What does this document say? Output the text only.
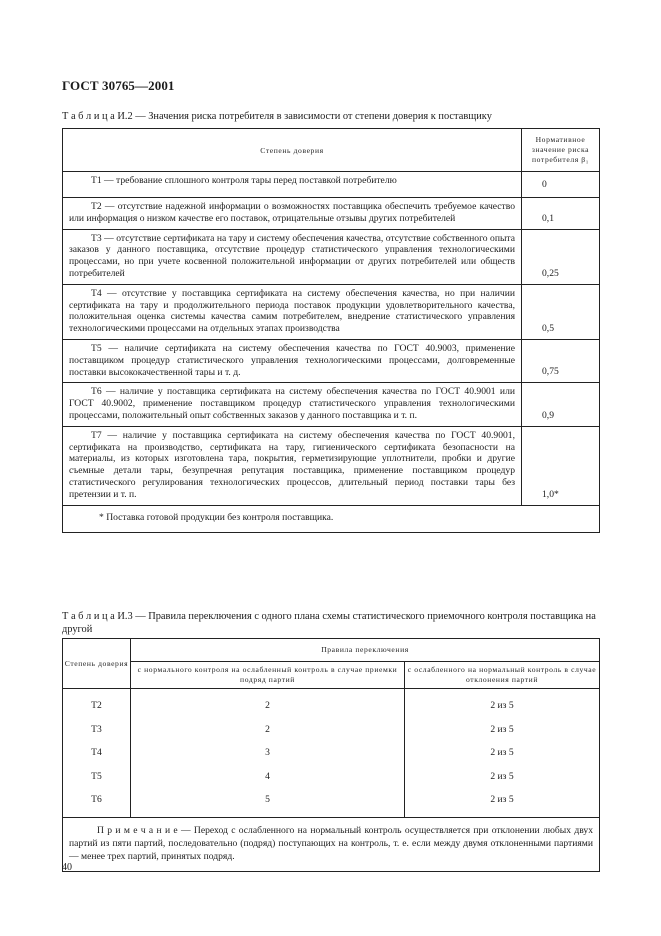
ГОСТ 30765—2001
Т а б л и ц а И.2 — Значения риска потребителя в зависимости от степени доверия к поставщику
Степень доверия	Нормативное значение риска потребителя β₁

Т1 — требование сплошного контроля тары перед поставкой потребителю	0

Т2 — отсутствие надежной информации о возможностях поставщика обеспечить требуемое качество или информация о низком качестве его поставок, отрицательные отзывы других потребителей	0,1

Т3 — отсутствие сертификата на тару и систему обеспечения качества, отсутствие собственного опыта заказов у данного поставщика, отсутствие процедур статистического управления технологическими процессами, но при учете косвенной положительной информации от других потребителей или обществ потребителей	0,25

Т4 — отсутствие у поставщика сертификата на систему обеспечения качества, но при наличии сертификата на тару и продолжительного периода поставок продукции удовлетворительного качества, положительная оценка системы качества самим потребителем, внедрение статистического управления технологическими процессами на отдельных этапах производства	0,5

Т5 — наличие сертификата на систему обеспечения качества по ГОСТ 40.9003, применение поставщиком процедур статистического управления технологическими процессами, долговременные поставки высококачественной тары и т. д.	0,75

Т6 — наличие у поставщика сертификата на систему обеспечения качества по ГОСТ 40.9001 или ГОСТ 40.9002, применение поставщиком процедур статистического управления технологическими процессами, положительный опыт собственных заказов у данного поставщика и т. п.	0,9

Т7 — наличие у поставщика сертификата на систему обеспечения качества по ГОСТ 40.9001, сертификата на производство, сертификата на тару, гигиенического сертификата безопасности на материалы, из которых изготовлена тара, покрытия, герметизирующие уплотнители, пробки и другие съемные детали тары, безупречная репутация поставщика, применение поставщиком процедур статистического регулирования технологических процессов, длительный период поставки тары без претензии и т. п.	1,0*
* Поставка готовой продукции без контроля поставщика.	
Т а б л и ц а И.3 — Правила переключения с одного плана схемы статистического приемочного контроля поставщика на другой
Степень доверия	Правила переключения	
	с нормального контроля на ослабленный контроль в случае приемки подряд партий	с ослабленного на нормальный контроль в случае отклонения партий
Т2	2	2 из 5
Т3	2	2 из 5
Т4	3	2 из 5
Т5	4	2 из 5
Т6	5	2 из 5

П р и м е ч а н и е — Переход с ослабленного на нормальный контроль осуществляется при отклонении любых двух партий из пяти партий, последовательно (подряд) поступающих на контроль, т. е. если между двумя отклоненными партиями — менее трех партий, принятых подряд.		
40
